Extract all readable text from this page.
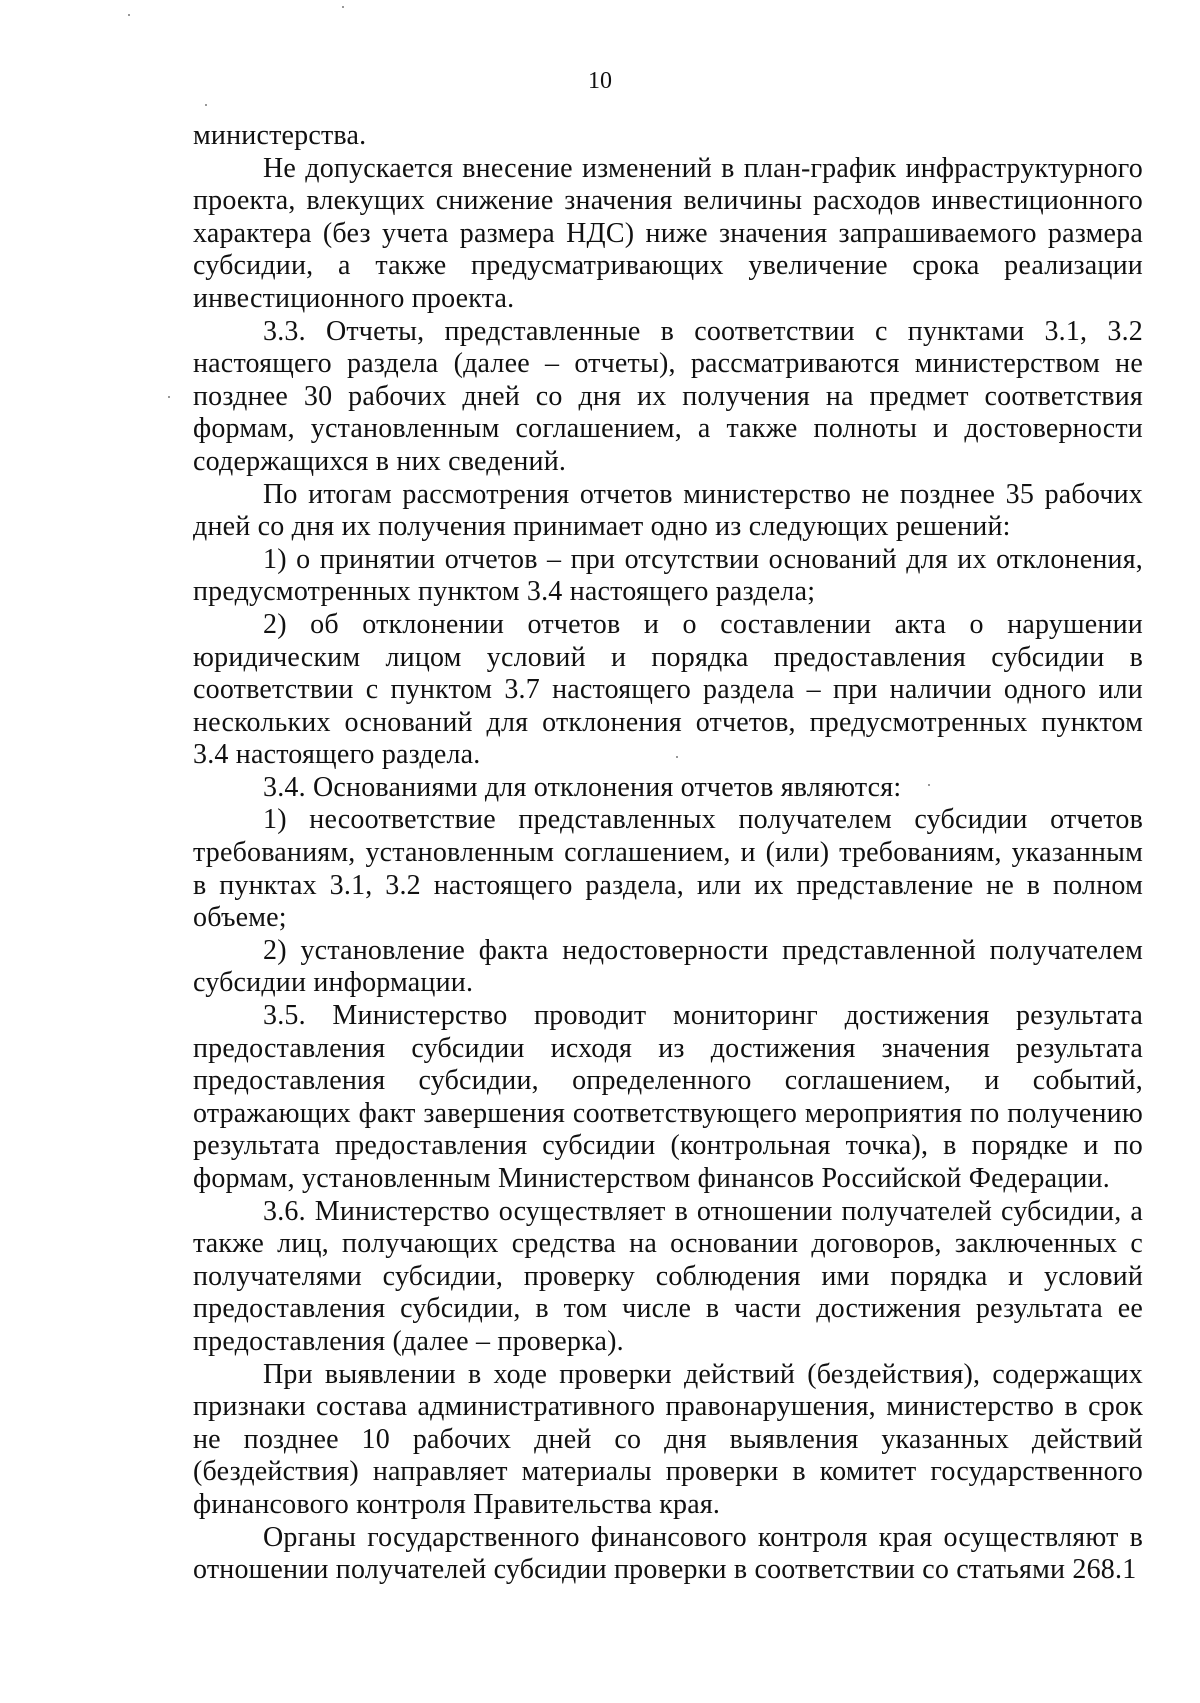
10

министерства.

Не допускается внесение изменений в план-график инфраструктурного проекта, влекущих снижение значения величины расходов инвестиционного характера (без учета размера НДС) ниже значения запрашиваемого размера субсидии, а также предусматривающих увеличение срока реализации инвестиционного проекта.

3.3. Отчеты, представленные в соответствии с пунктами 3.1, 3.2 настоящего раздела (далее – отчеты), рассматриваются министерством не позднее 30 рабочих дней со дня их получения на предмет соответствия формам, установленным соглашением, а также полноты и достоверности содержащихся в них сведений.

По итогам рассмотрения отчетов министерство не позднее 35 рабочих дней со дня их получения принимает одно из следующих решений:

1) о принятии отчетов – при отсутствии оснований для их отклонения, предусмотренных пунктом 3.4 настоящего раздела;

2) об отклонении отчетов и о составлении акта о нарушении юридическим лицом условий и порядка предоставления субсидии в соответствии с пунктом 3.7 настоящего раздела – при наличии одного или нескольких оснований для отклонения отчетов, предусмотренных пунктом 3.4 настоящего раздела.

3.4. Основаниями для отклонения отчетов являются:

1) несоответствие представленных получателем субсидии отчетов требованиям, установленным соглашением, и (или) требованиям, указанным в пунктах 3.1, 3.2 настоящего раздела, или их представление не в полном объеме;

2) установление факта недостоверности представленной получателем субсидии информации.

3.5. Министерство проводит мониторинг достижения результата предоставления субсидии исходя из достижения значения результата предоставления субсидии, определенного соглашением, и событий, отражающих факт завершения соответствующего мероприятия по получению результата предоставления субсидии (контрольная точка), в порядке и по формам, установленным Министерством финансов Российской Федерации.

3.6. Министерство осуществляет в отношении получателей субсидии, а также лиц, получающих средства на основании договоров, заключенных с получателями субсидии, проверку соблюдения ими порядка и условий предоставления субсидии, в том числе в части достижения результата ее предоставления (далее – проверка).

При выявлении в ходе проверки действий (бездействия), содержащих признаки состава административного правонарушения, министерство в срок не позднее 10 рабочих дней со дня выявления указанных действий (бездействия) направляет материалы проверки в комитет государственного финансового контроля Правительства края.

Органы государственного финансового контроля края осуществляют в отношении получателей субсидии проверки в соответствии со статьями 268.1
